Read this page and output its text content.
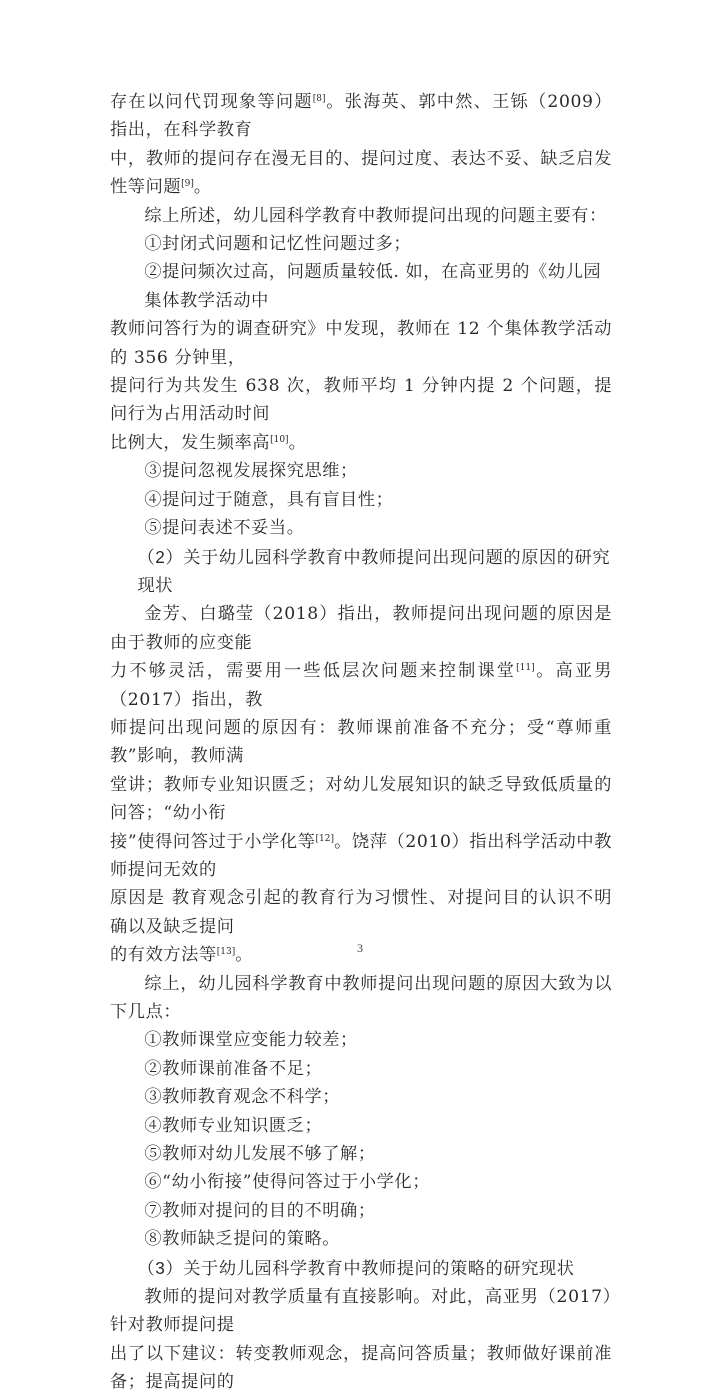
存在以问代罚现象等问题[8]。张海英、郭中然、王铄（2009）指出，在科学教育
中，教师的提问存在漫无目的、提问过度、表达不妥、缺乏启发性等问题[9]。

综上所述，幼儿园科学教育中教师提问出现的问题主要有：

①封闭式问题和记忆性问题过多；

②提问频次过高，问题质量较低. 如，在高亚男的《幼儿园集体教学活动中

教师问答行为的调查研究》中发现，教师在 12 个集体教学活动的 356 分钟里，

提问行为共发生 638 次，教师平均 1 分钟内提 2 个问题，提问行为占用活动时间

比例大，发生频率高[10]。

③提问忽视发展探究思维；

④提问过于随意，具有盲目性；

⑤提问表述不妥当。

（2）关于幼儿园科学教育中教师提问出现问题的原因的研究现状

金芳、白璐莹（2018）指出，教师提问出现问题的原因是由于教师的应变能
力不够灵活，需要用一些低层次问题来控制课堂[11]。高亚男（2017）指出，教
师提问出现问题的原因有：教师课前准备不充分；受“尊师重教”影响，教师满
堂讲；教师专业知识匮乏；对幼儿发展知识的缺乏导致低质量的问答；“幼小衔
接”使得问答过于小学化等[12]。饶萍（2010）指出科学活动中教师提问无效的
原因是 教育观念引起的教育行为习惯性、对提问目的认识不明确以及缺乏提问
的有效方法等[13]。

综上，幼儿园科学教育中教师提问出现问题的原因大致为以下几点：

①教师课堂应变能力较差；

②教师课前准备不足；

③教师教育观念不科学；

④教师专业知识匮乏；

⑤教师对幼儿发展不够了解；

⑥“幼小衔接”使得问答过于小学化；

⑦教师对提问的目的不明确；

⑧教师缺乏提问的策略。

（3）关于幼儿园科学教育中教师提问的策略的研究现状

教师的提问对教学质量有直接影响。对此，高亚男（2017）针对教师提问提
出了以下建议：转变教师观念，提高问答质量；教师做好课前准备；提高提问的
3
